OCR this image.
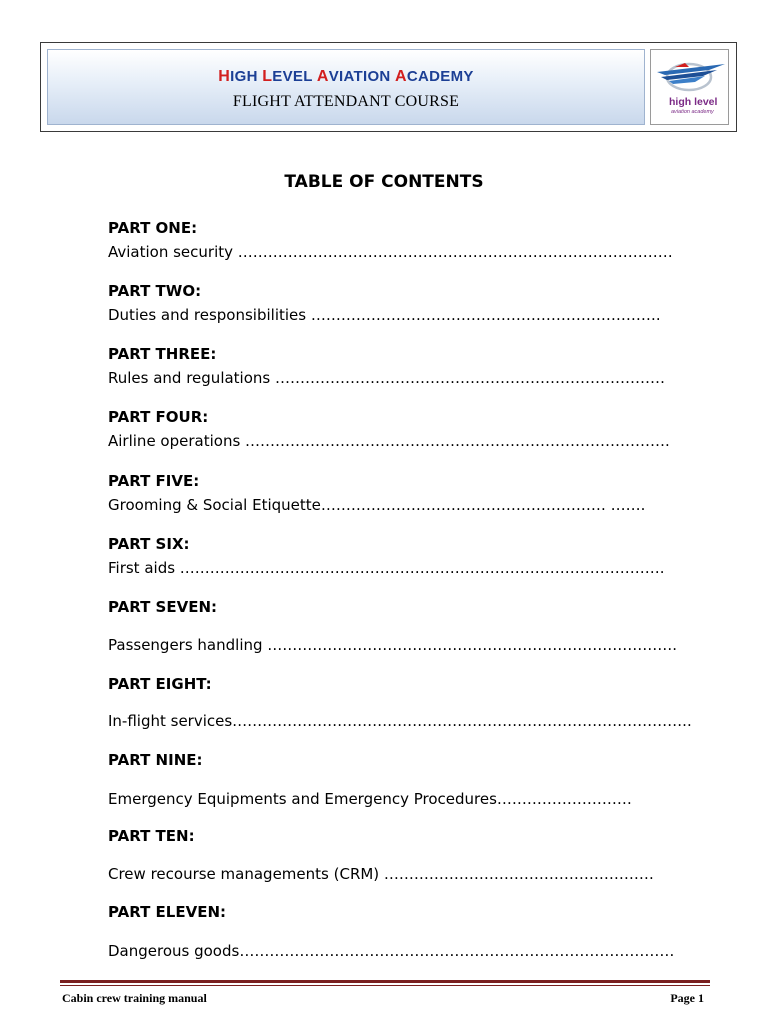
HIGH LEVEL AVIATION ACADEMY
FLIGHT ATTENDANT COURSE	high level
aviation academy
TABLE OF CONTENTS
PART ONE:
Aviation security ……………………………………………………………………………
PART TWO:
Duties and responsibilities …………………………………………………………….
PART THREE:
Rules and regulations ……………………………………………………………………
PART FOUR:
Airline operations ………………………………………………………………………….
PART FIVE:
Grooming & Social Etiquette………………………………………………… …….
PART SIX:
First aids …………………………………………………………………………………….
PART SEVEN:
Passengers handling ……………………………………………………………………….
PART EIGHT:
In-flight services………………………………………………………………………………..
PART NINE:
Emergency Equipments and Emergency Procedures………………………
PART TEN:
Crew recourse managements (CRM) ………………………………………………
PART ELEVEN:
Dangerous goods……………………………………………………………………………
Cabin crew training manual	Page 1
